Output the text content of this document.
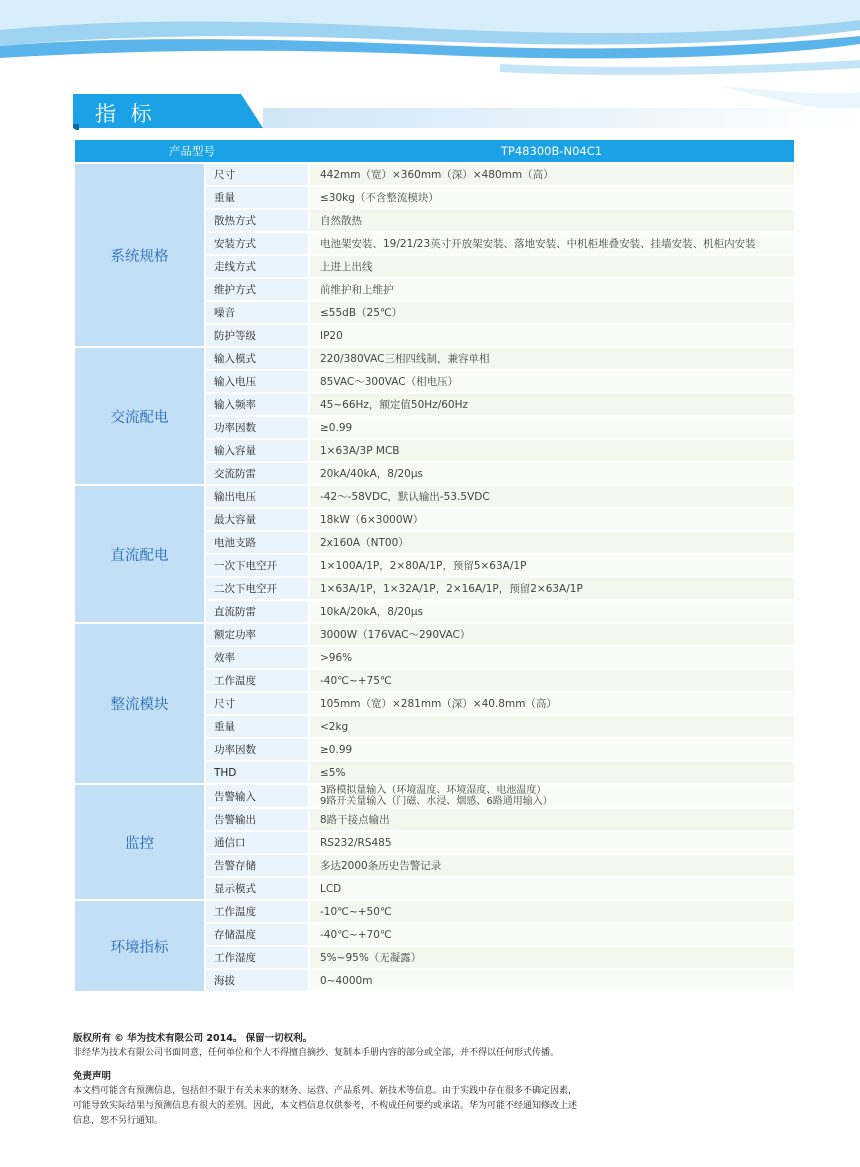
指 标
产品型号		TP48300B-N04C1
系统规格	尺寸	442mm（宽）×360mm（深）×480mm（高）
	重量	≤30kg（不含整流模块）
	散热方式	自然散热
	安装方式	电池架安装、19/21/23英寸开放架安装、落地安装、中机柜堆叠安装、挂墙安装、机柜内安装
	走线方式	上进上出线
	维护方式	前维护和上维护
	噪音	≤55dB（25℃）
	防护等级	IP20
交流配电	输入模式	220/380VAC三相四线制，兼容单相
	输入电压	85VAC～300VAC（相电压）
	输入频率	45~66Hz，额定值50Hz/60Hz
	功率因数	≥0.99
	输入容量	1×63A/3P MCB
	交流防雷	20kA/40kA，8/20μs
直流配电	输出电压	-42～-58VDC，默认输出-53.5VDC
	最大容量	18kW（6×3000W）
	电池支路	2x160A（NT00）
	一次下电空开	1×100A/1P，2×80A/1P，预留5×63A/1P
	二次下电空开	1×63A/1P，1×32A/1P，2×16A/1P，预留2×63A/1P
	直流防雷	10kA/20kA，8/20μs
整流模块	额定功率	3000W（176VAC～290VAC）
	效率	>96%
	工作温度	-40℃~+75℃
	尺寸	105mm（宽）×281mm（深）×40.8mm（高）
	重量	<2kg
	功率因数	≥0.99
	THD	≤5%
监控	告警输入	3路模拟量输入（环境温度、环境湿度、电池温度）
9路开关量输入（门磁、水浸、烟感、6路通用输入）

	告警输出	8路干接点输出
	通信口	RS232/RS485
	告警存储	多达2000条历史告警记录
	显示模式	LCD
环境指标	工作温度	-10℃~+50℃
	存储温度	-40℃~+70℃
	工作湿度	5%~95%（无凝露）
	海拔	0~4000m
版权所有 © 华为技术有限公司 2014。 保留一切权利。
非经华为技术有限公司书面同意，任何单位和个人不得擅自摘抄、复制本手册内容的部分或全部，并不得以任何形式传播。
免责声明
本文档可能含有预测信息，包括但不限于有关未来的财务、运营、产品系列、新技术等信息。由于实践中存在很多不确定因素，
可能导致实际结果与预测信息有很大的差别。因此，本文档信息仅供参考，不构成任何要约或承诺。华为可能不经通知修改上述
信息，恕不另行通知。
